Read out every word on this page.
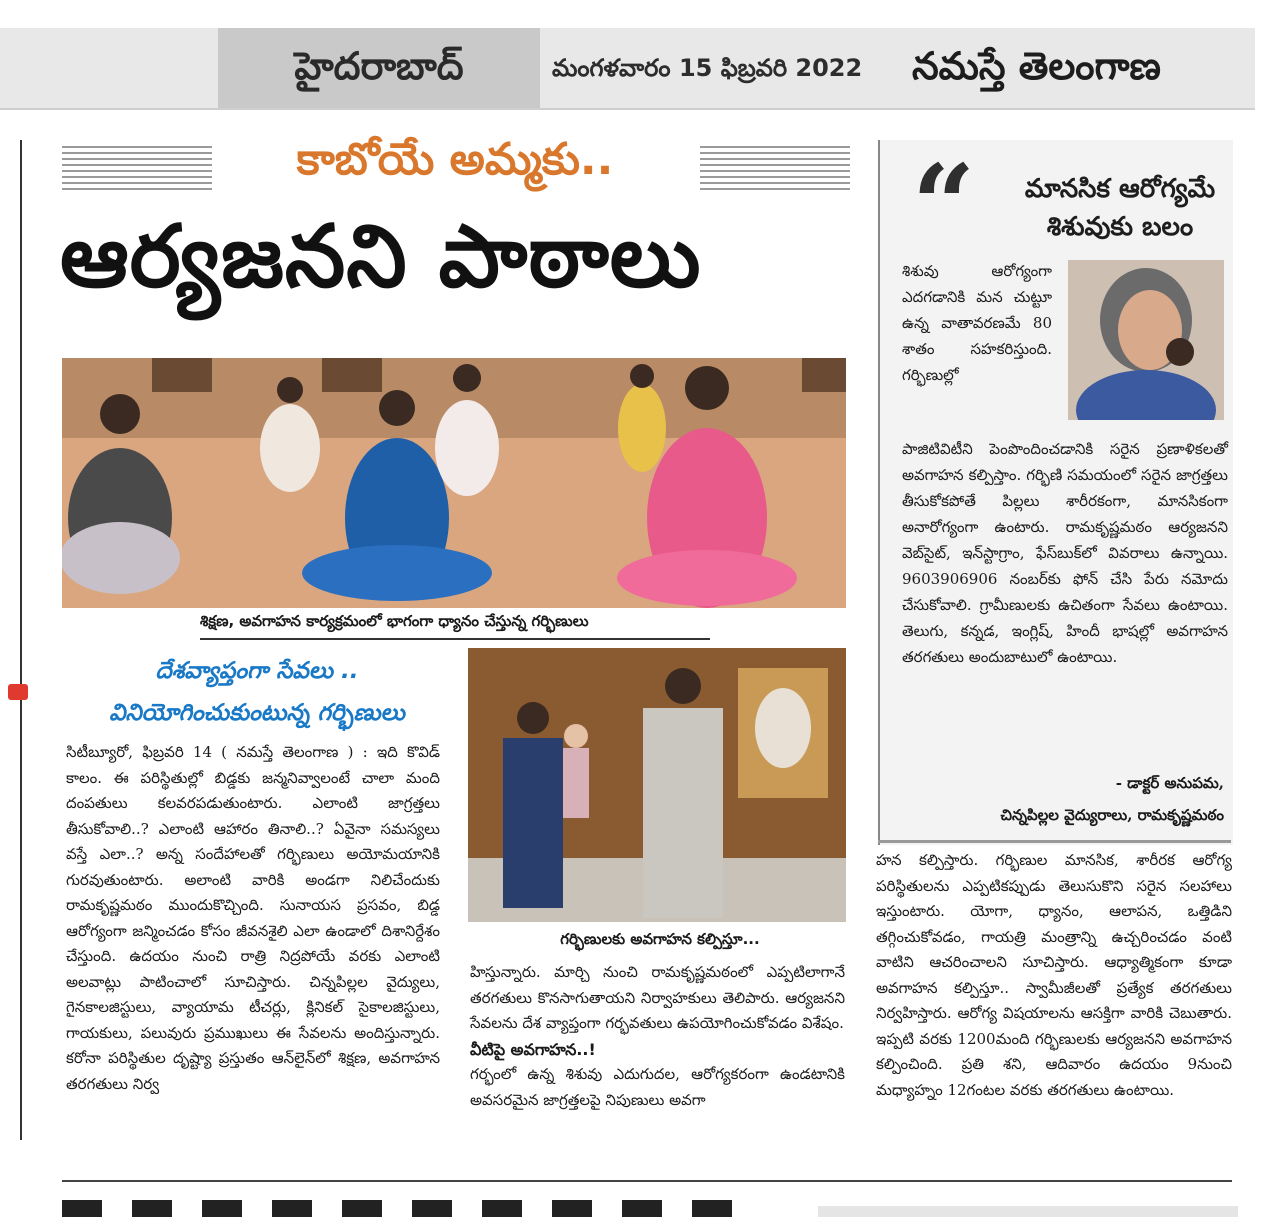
హైదరాబాద్	మంగళవారం 15 ఫిబ్రవరి 2022 నమస్తే తెలంగాణ
కాబోయే అమ్మకు..
ఆర్యజనని పాఠాలు
శిక్షణ, అవగాహన కార్యక్రమంలో భాగంగా ధ్యానం చేస్తున్న గర్భిణులు
దేశవ్యాప్తంగా సేవలు ..
వినియోగించుకుంటున్న గర్భిణులు
సిటీబ్యూరో, ఫిబ్రవరి 14 ( నమస్తే తెలంగాణ ) : ఇది కొవిడ్ కాలం. ఈ పరిస్థితుల్లో బిడ్డకు జన్మనివ్వాలంటే చాలా మంది దంపతులు కలవరపడుతుంటారు. ఎలాంటి జాగ్రత్తలు తీసుకోవాలి..? ఎలాంటి ఆహారం తినాలి..? ఏవైనా సమస్యలు వస్తే ఎలా..? అన్న సందేహాలతో గర్భిణులు అయోమయానికి గురవుతుంటారు. అలాంటి వారికి అండగా నిలిచేందుకు రామకృష్ణమఠం ముందుకొచ్చింది. సునాయస ప్రసవం, బిడ్డ ఆరోగ్యంగా జన్మించడం కోసం జీవనశైలి ఎలా ఉండాలో దిశానిర్దేశం చేస్తుంది. ఉదయం నుంచి రాత్రి నిద్రపోయే వరకు ఎలాంటి అలవాట్లు పాటించాలో సూచిస్తారు. చిన్నపిల్లల వైద్యులు, గైనకాలజిస్టులు, వ్యాయామ టీచర్లు, క్లినికల్ సైకాలజిస్టులు, గాయకులు, పలువురు ప్రముఖులు ఈ సేవలను అందిస్తున్నారు. కరోనా పరిస్థితుల దృష్ట్యా ప్రస్తుతం ఆన్‌లైన్‌లో శిక్షణ, అవగాహన తరగతులు నిర్వ
గర్భిణులకు అవగాహన కల్పిస్తూ...
హిస్తున్నారు. మార్చి నుంచి రామకృష్ణమఠంలో ఎప్పటిలాగానే తరగతులు కొనసాగుతాయని నిర్వాహకులు తెలిపారు. ఆర్యజనని సేవలను దేశ వ్యాప్తంగా గర్భవతులు ఉపయోగించుకోవడం విశేషం.
వీటిపై అవగాహన..!
గర్భంలో ఉన్న శిశువు ఎదుగుదల, ఆరోగ్యకరంగా ఉండటానికి అవసరమైన జాగ్రత్తలపై నిపుణులు అవగా
“	మానసిక ఆరోగ్యమే
శిశువుకు బలం
శిశువు ఆరోగ్యంగా ఎదగడానికి మన చుట్టూ ఉన్న వాతావరణమే 80 శాతం సహకరిస్తుంది. గర్భిణుల్లో
పాజిటివిటీని పెంపొందించడానికి సరైన ప్రణాళికలతో అవగాహన కల్పిస్తాం. గర్భిణి సమయంలో సరైన జాగ్రత్తలు తీసుకోకపోతే పిల్లలు శారీరకంగా, మానసికంగా అనారోగ్యంగా ఉంటారు. రామకృష్ణమఠం ఆర్యజనని వెబ్‌సైట్, ఇన్‌స్టాగ్రాం, ఫేస్‌బుక్‌లో వివరాలు ఉన్నాయి. 9603906906 నంబర్‌కు ఫోన్ చేసి పేరు నమోదు చేసుకోవాలి. గ్రామీణులకు ఉచితంగా సేవలు ఉంటాయి. తెలుగు, కన్నడ, ఇంగ్లిష్, హిందీ భాషల్లో అవగాహన తరగతులు అందుబాటులో ఉంటాయి.
- డాక్టర్ అనుపమ,
చిన్నపిల్లల వైద్యురాలు, రామకృష్ణమఠం
హన కల్పిస్తారు. గర్భిణుల మానసిక, శారీరక ఆరోగ్య పరిస్థితులను ఎప్పటికప్పుడు తెలుసుకొని సరైన సలహాలు ఇస్తుంటారు. యోగా, ధ్యానం, ఆలాపన, ఒత్తిడిని తగ్గించుకోవడం, గాయత్రి మంత్రాన్ని ఉచ్చరించడం వంటి వాటిని ఆచరించాలని సూచిస్తారు. ఆధ్యాత్మికంగా కూడా అవగాహన కల్పిస్తూ.. స్వామీజీలతో ప్రత్యేక తరగతులు నిర్వహిస్తారు. ఆరోగ్య విషయాలను ఆసక్తిగా వారికి చెబుతారు. ఇప్పటి వరకు 1200మంది గర్భిణులకు ఆర్యజనని అవగాహన కల్పించింది. ప్రతి శని, ఆదివారం ఉదయం 9నుంచి మధ్యాహ్నం 12గంటల వరకు తరగతులు ఉంటాయి.
